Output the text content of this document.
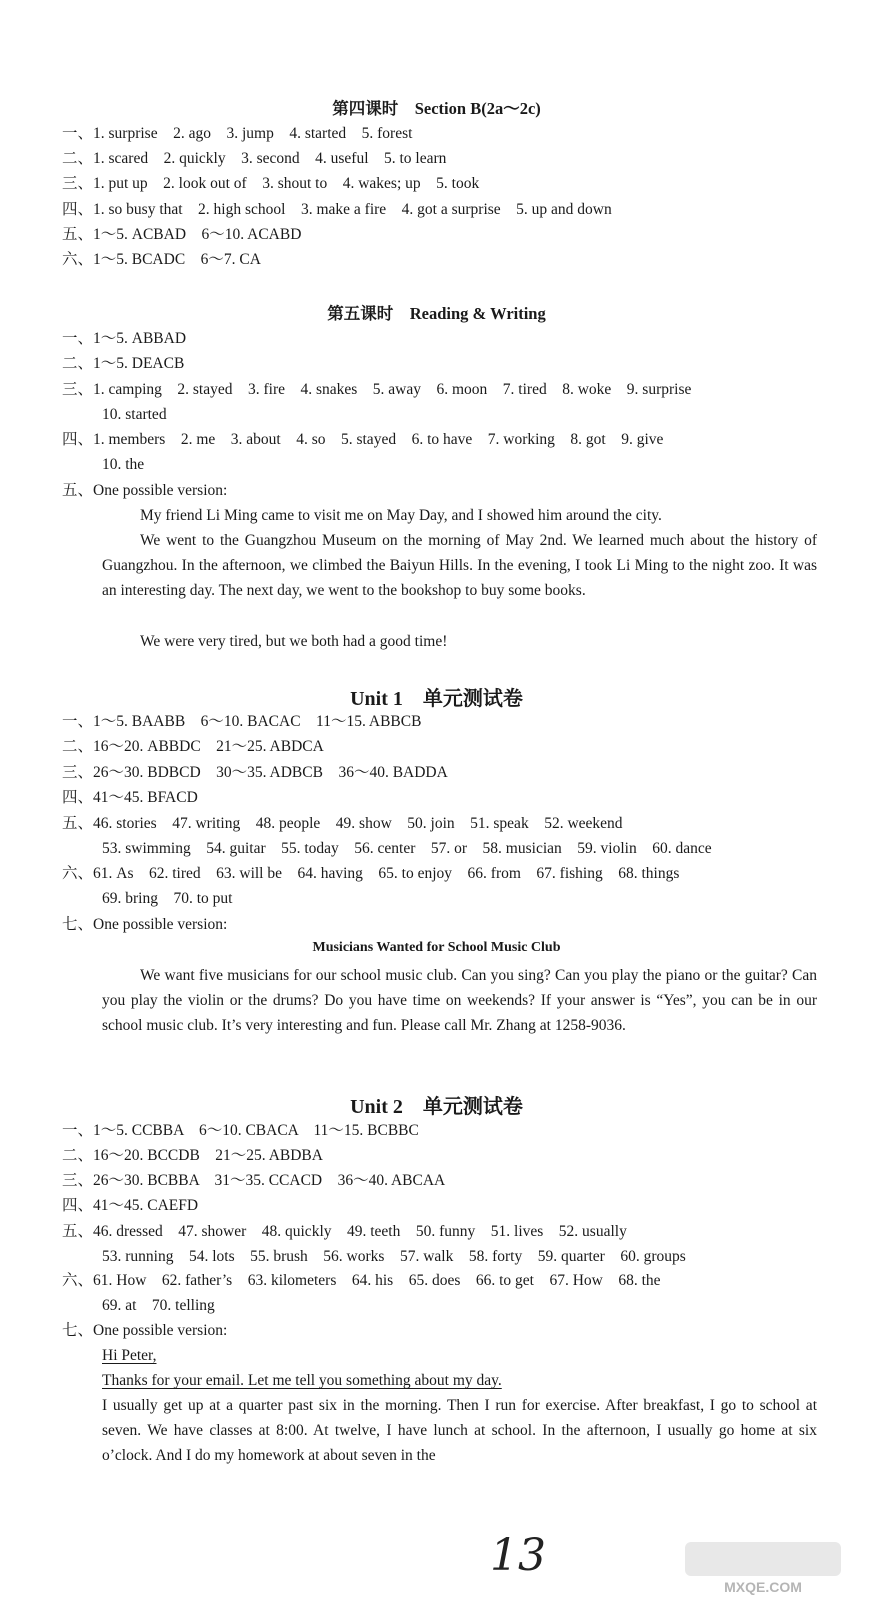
第四课时　Section B(2a～2c)
一、1. surprise　2. ago　3. jump　4. started　5. forest
二、1. scared　2. quickly　3. second　4. useful　5. to learn
三、1. put up　2. look out of　3. shout to　4. wakes; up　5. took
四、1. so busy that　2. high school　3. make a fire　4. got a surprise　5. up and down
五、1～5. ACBAD　6～10. ACABD
六、1～5. BCADC　6～7. CA
第五课时　Reading & Writing
一、1～5. ABBAD
二、1～5. DEACB
三、1. camping　2. stayed　3. fire　4. snakes　5. away　6. moon　7. tired　8. woke　9. surprise
10. started
四、1. members　2. me　3. about　4. so　5. stayed　6. to have　7. working　8. got　9. give
10. the
五、One possible version:
My friend Li Ming came to visit me on May Day, and I showed him around the city.
We went to the Guangzhou Museum on the morning of May 2nd. We learned much about the history of Guangzhou. In the afternoon, we climbed the Baiyun Hills. In the evening, I took Li Ming to the night zoo. It was an interesting day. The next day, we went to the bookshop to buy some books.
We were very tired, but we both had a good time!
Unit 1　单元测试卷
一、1～5. BAABB　6～10. BACAC　11～15. ABBCB
二、16～20. ABBDC　21～25. ABDCA
三、26～30. BDBCD　30～35. ADBCB　36～40. BADDA
四、41～45. BFACD
五、46. stories　47. writing　48. people　49. show　50. join　51. speak　52. weekend
53. swimming　54. guitar　55. today　56. center　57. or　58. musician　59. violin　60. dance
六、61. As　62. tired　63. will be　64. having　65. to enjoy　66. from　67. fishing　68. things
69. bring　70. to put
七、One possible version:
Musicians Wanted for School Music Club
We want five musicians for our school music club. Can you sing? Can you play the piano or the guitar? Can you play the violin or the drums? Do you have time on weekends? If your answer is “Yes”, you can be in our school music club. It’s very interesting and fun. Please call Mr. Zhang at 1258-9036.
Unit 2　单元测试卷
一、1～5. CCBBA　6～10. CBACA　11～15. BCBBC
二、16～20. BCCDB　21～25. ABDBA
三、26～30. BCBBA　31～35. CCACD　36～40. ABCAA
四、41～45. CAEFD
五、46. dressed　47. shower　48. quickly　49. teeth　50. funny　51. lives　52. usually
53. running　54. lots　55. brush　56. works　57. walk　58. forty　59. quarter　60. groups
六、61. How　62. father’s　63. kilometers　64. his　65. does　66. to get　67. How　68. the
69. at　70. telling
七、One possible version:
Hi Peter,
Thanks for your email. Let me tell you something about my day.
I usually get up at a quarter past six in the morning. Then I run for exercise. After breakfast, I go to school at seven. We have classes at 8:00. At twelve, I have lunch at school. In the afternoon, I usually go home at six o’clock. And I do my homework at about seven in the
13
MXQE.COM
